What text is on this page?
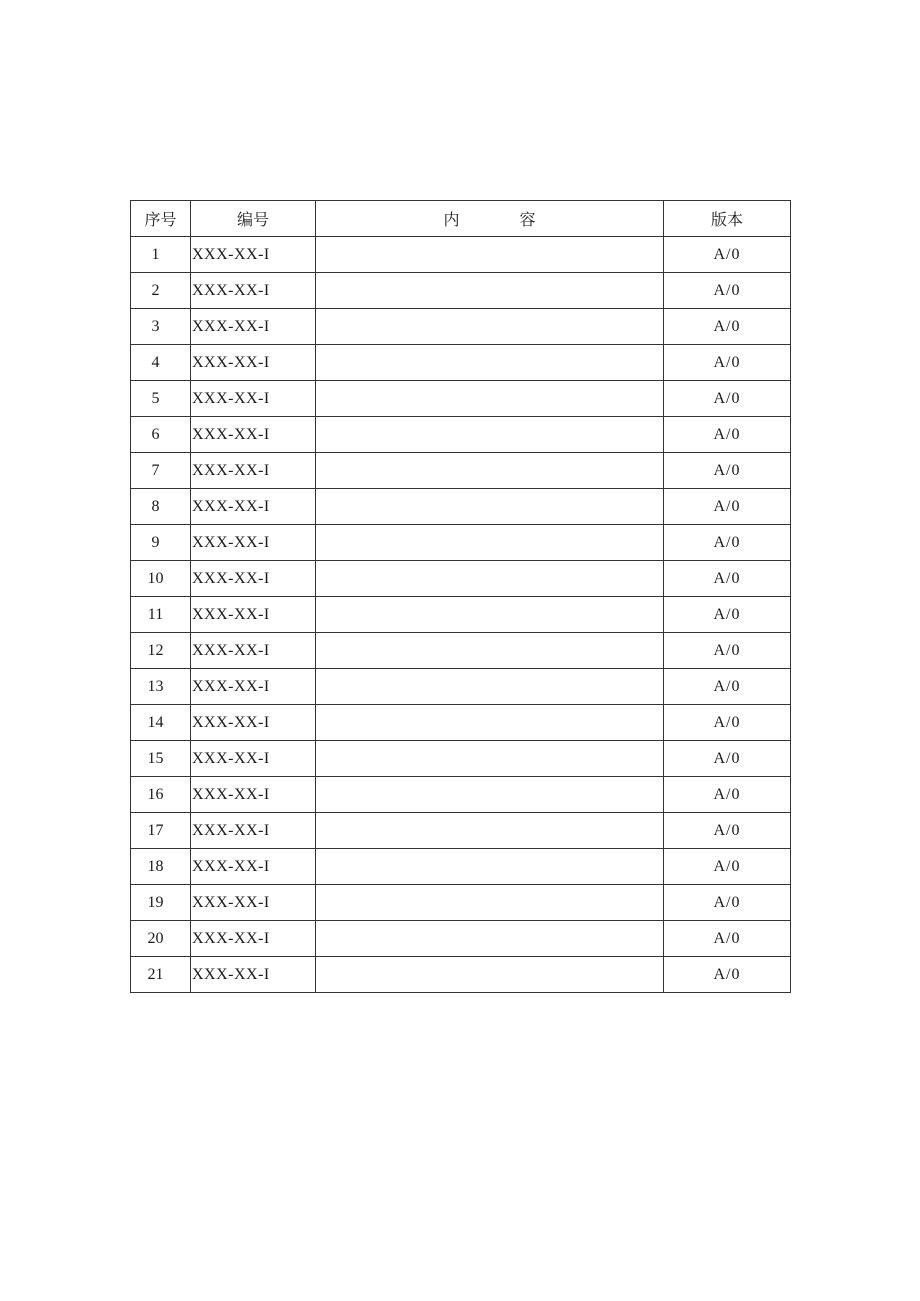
序号	编号	内容	版本
1	XXX-XX-I		A/0
2	XXX-XX-I		A/0
3	XXX-XX-I		A/0
4	XXX-XX-I		A/0
5	XXX-XX-I		A/0
6	XXX-XX-I		A/0
7	XXX-XX-I		A/0
8	XXX-XX-I		A/0
9	XXX-XX-I		A/0
10	XXX-XX-I		A/0
11	XXX-XX-I		A/0
12	XXX-XX-I		A/0
13	XXX-XX-I		A/0
14	XXX-XX-I		A/0
15	XXX-XX-I		A/0
16	XXX-XX-I		A/0
17	XXX-XX-I		A/0
18	XXX-XX-I		A/0
19	XXX-XX-I		A/0
20	XXX-XX-I		A/0
21	XXX-XX-I		A/0
